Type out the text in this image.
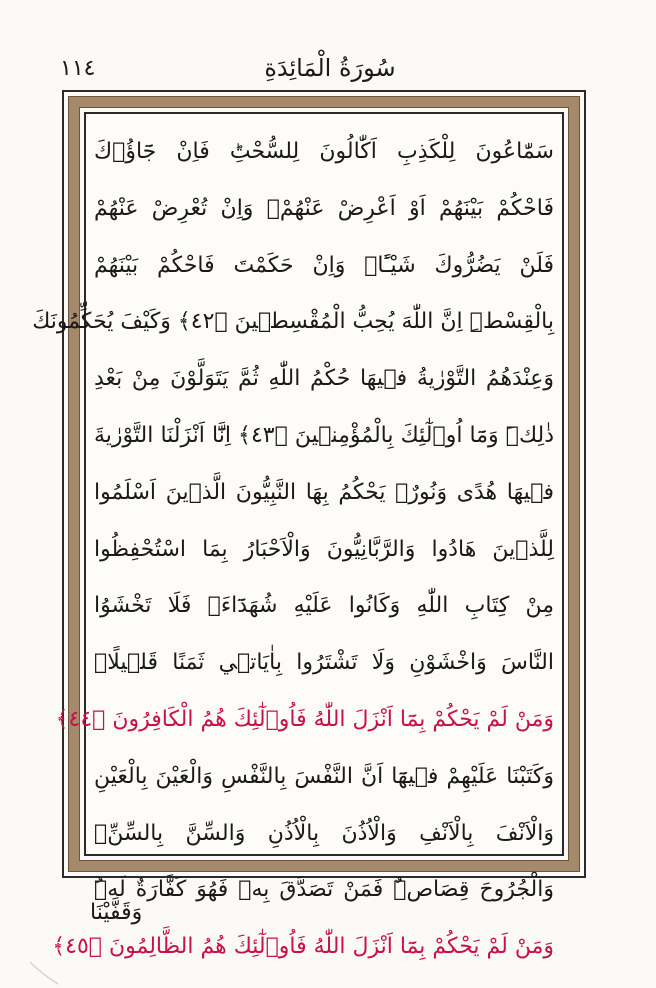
سُورَةُ الْمَائِدَةِ
١١٤
سَمّٰاعُونَ لِلْكَذِبِ اَكّٰالُونَ لِلسُّحْتِؕ فَاِنْ جَٓاؤُ۫كَ
فَاحْكُمْ بَيْنَهُمْ اَوْ اَعْرِضْ عَنْهُمْۚ وَاِنْ تُعْرِضْ عَنْهُمْ
فَلَنْ يَضُرُّوكَ شَيْـًٔاۜ وَاِنْ حَكَمْتَ فَاحْكُمْ بَيْنَهُمْ
بِالْقِسْطِۜ اِنَّ اللّٰهَ يُحِبُّ الْمُقْسِط۪ينَ ﴿٤٢﴾ وَكَيْفَ يُحَكِّمُونَكَ
وَعِنْدَهُمُ التَّوْرٰيةُ ف۪يهَا حُكْمُ اللّٰهِ ثُمَّ يَتَوَلَّوْنَ مِنْ بَعْدِ
ذٰلِكَۜ وَمَٓا اُو۬لٰٓئِكَ بِالْمُؤْمِن۪ينَ ﴿٤٣﴾ اِنَّٓا اَنْزَلْنَا التَّوْرٰيةَ
ف۪يهَا هُدًى وَنُورٌۚ يَحْكُمُ بِهَا النَّبِيُّونَ الَّذ۪ينَ اَسْلَمُوا
لِلَّذ۪ينَ هَادُوا وَالرَّبَّانِيُّونَ وَالْاَحْبَارُ بِمَا اسْتُحْفِظُوا
مِنْ كِتَابِ اللّٰهِ وَكَانُوا عَلَيْهِ شُهَدَٓاءَۚ فَلَا تَخْشَوُا
النَّاسَ وَاخْشَوْنِ وَلَا تَشْتَرُوا بِاٰيَات۪ي ثَمَنًا قَل۪يلًاۜ
وَمَنْ لَمْ يَحْكُمْ بِمَٓا اَنْزَلَ اللّٰهُ فَاُو۬لٰٓئِكَ هُمُ الْكَافِرُونَ ﴿٤٤﴾
وَكَتَبْنَا عَلَيْهِمْ ف۪يهَٓا اَنَّ النَّفْسَ بِالنَّفْسِ وَالْعَيْنَ بِالْعَيْنِ
وَالْاَنْفَ بِالْاَنْفِ وَالْاُذُنَ بِالْاُذُنِ وَالسِّنَّ بِالسِّنِّۙ
وَالْجُرُوحَ قِصَاصٌۜ فَمَنْ تَصَدَّقَ بِه۪ فَهُوَ كَفَّارَةٌ لَهُۜ
وَمَنْ لَمْ يَحْكُمْ بِمَٓا اَنْزَلَ اللّٰهُ فَاُو۬لٰٓئِكَ هُمُ الظَّالِمُونَ ﴿٤٥﴾
وَقَفَّيْنَا
